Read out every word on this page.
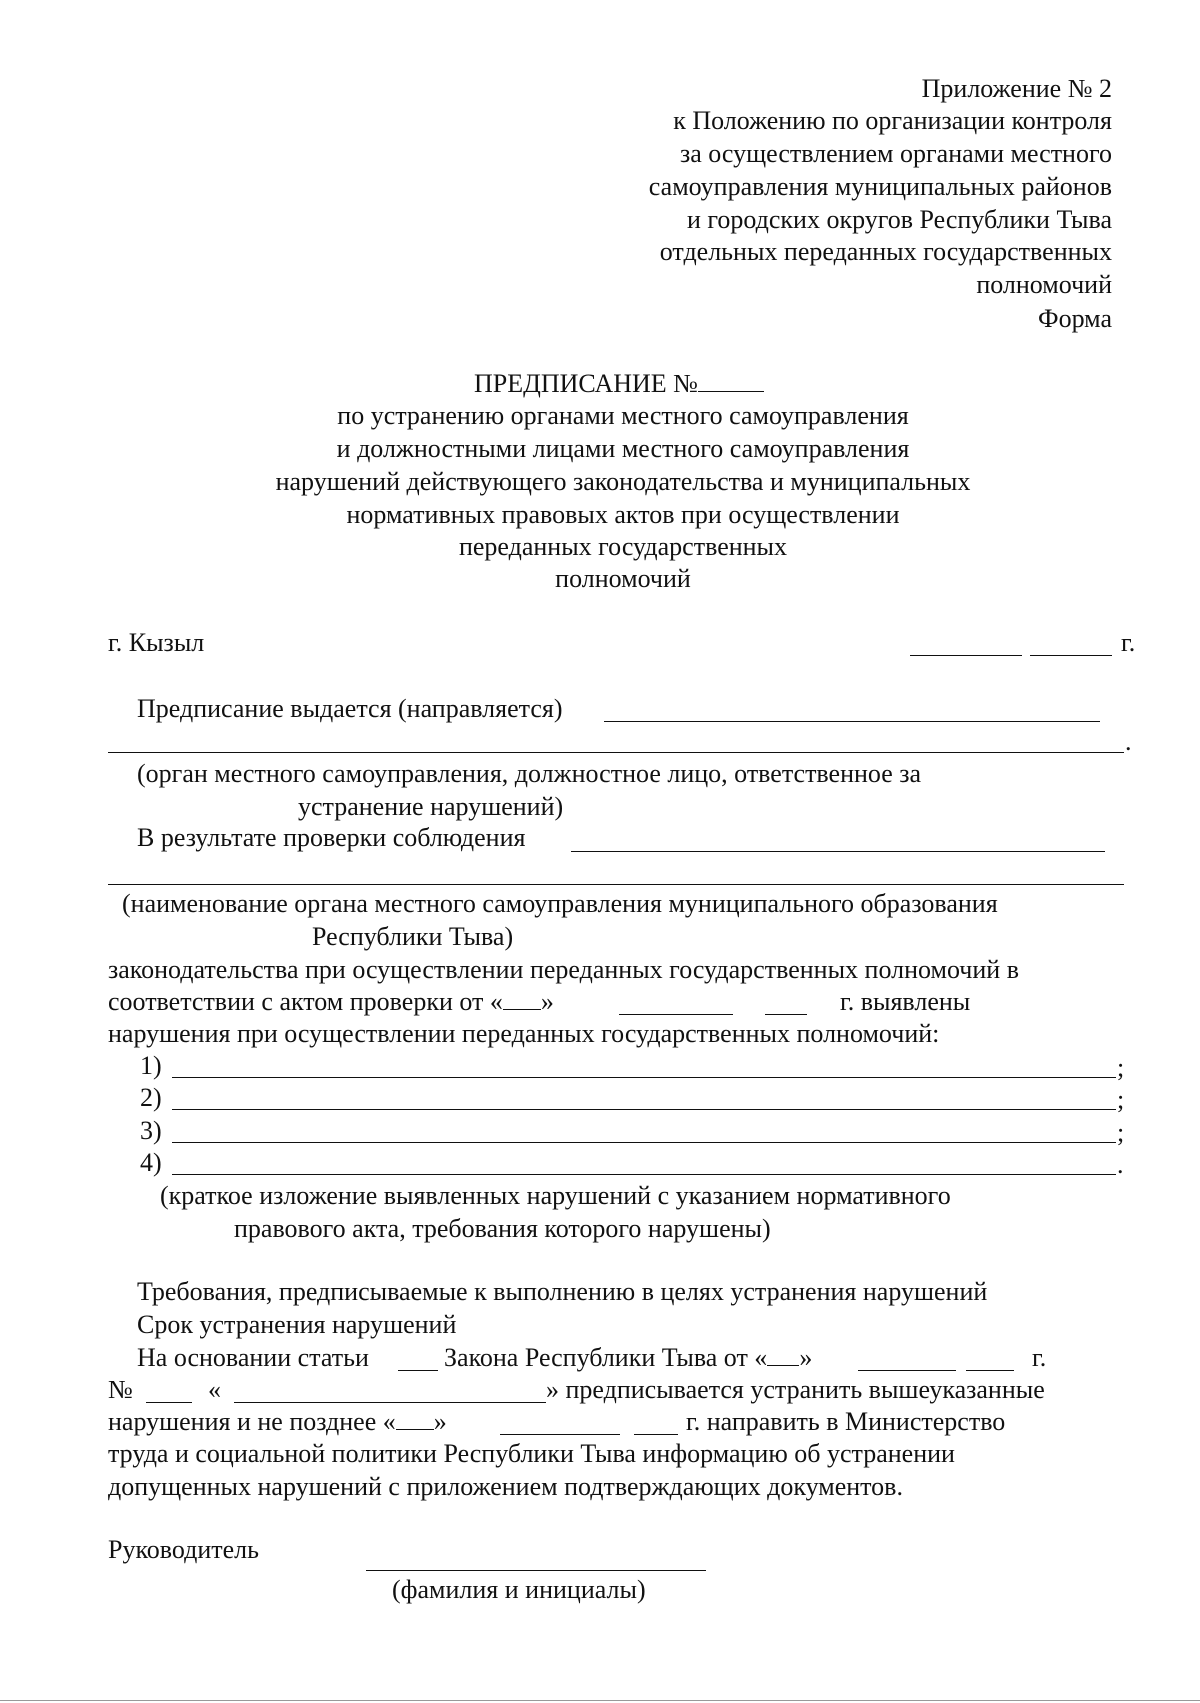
Приложение № 2
к Положению по организации контроля
за осуществлением органами местного
самоуправления муниципальных районов
и городских округов Республики Тыва
отдельных переданных государственных
полномочий
Форма
ПРЕДПИСАНИЕ №
по устранению органами местного самоуправления
и должностными лицами местного самоуправления
нарушений действующего законодательства и муниципальных
нормативных правовых актов при осуществлении
переданных государственных
полномочий
г. Кызыл	г.
Предписание выдается (направляется)
.
(орган местного самоуправления, должностное лицо, ответственное за
устранение нарушений)
В результате проверки соблюдения
(наименование органа местного самоуправления муниципального образования
Республики Тыва)
законодательства при осуществлении переданных государственных полномочий в
соответствии с актом проверки от « »	г. выявлены
нарушения при осуществлении переданных государственных полномочий:
1)	;
2)	;
3)	;
4)	.
(краткое изложение выявленных нарушений с указанием нормативного
правового акта, требования которого нарушены)
Требования, предписываемые к выполнению в целях устранения нарушений
Срок устранения нарушений
На основании статьи	Закона Республики Тыва от « »	г.
№	«	» предписывается устранить вышеуказанные
нарушения и не позднее « »	г. направить в Министерство
труда и социальной политики Республики Тыва информацию об устранении
допущенных нарушений с приложением подтверждающих документов.
Руководитель
(фамилия и инициалы)
